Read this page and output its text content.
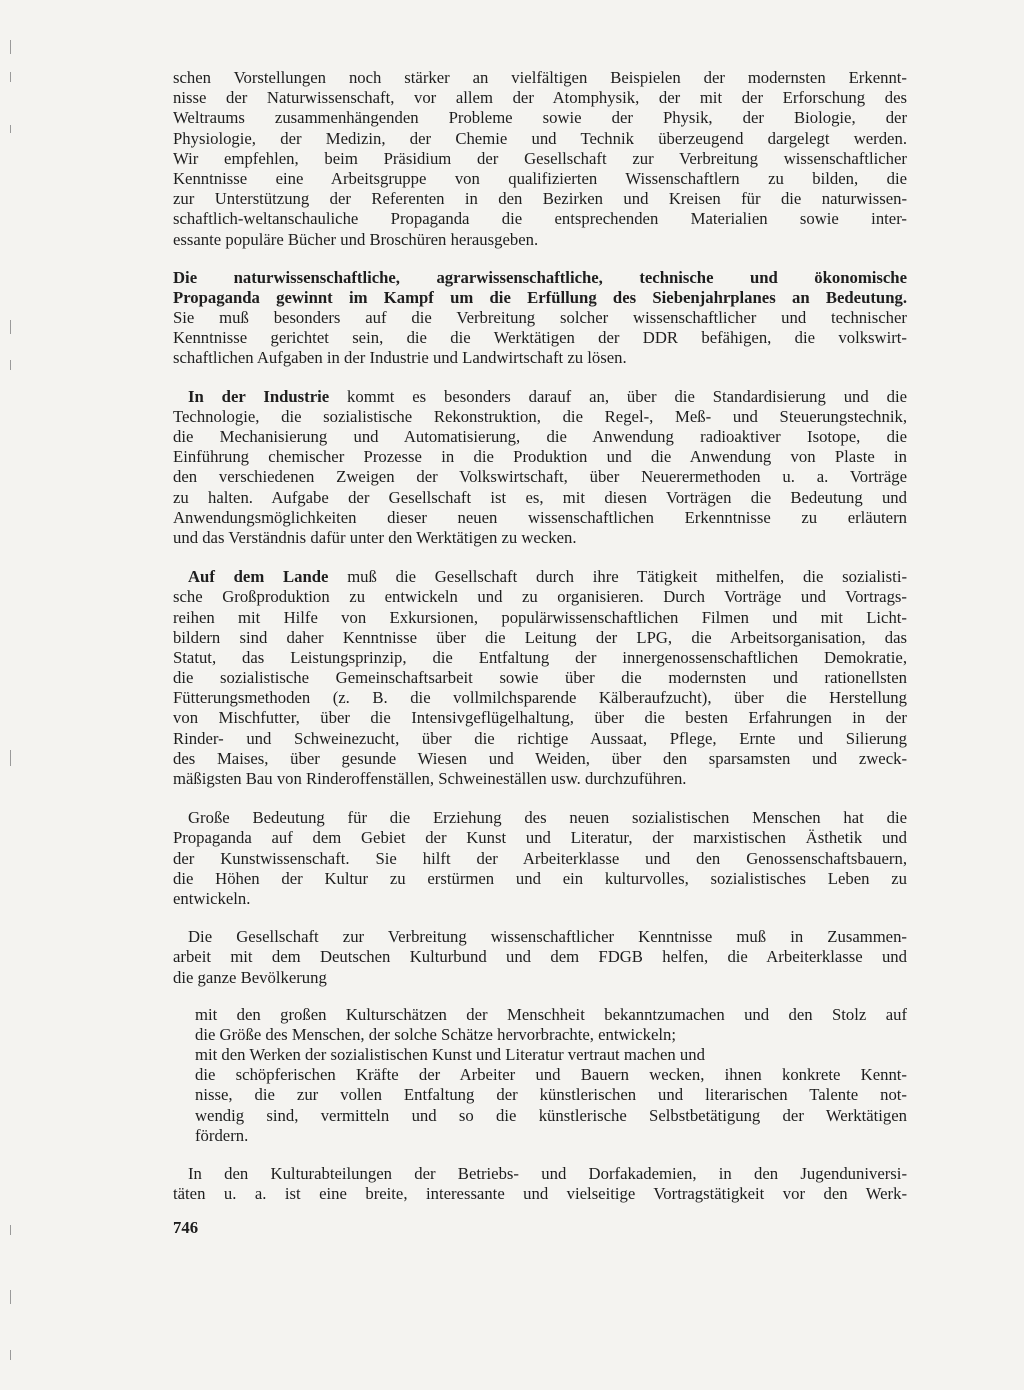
schen Vorstellungen noch stärker an vielfältigen Beispielen der modernsten Erkennt-
nisse der Naturwissenschaft, vor allem der Atomphysik, der mit der Erforschung des
Weltraums zusammenhängenden Probleme sowie der Physik, der Biologie, der
Physiologie, der Medizin, der Chemie und Technik überzeugend dargelegt werden.
Wir empfehlen, beim Präsidium der Gesellschaft zur Verbreitung wissenschaftlicher
Kenntnisse eine Arbeitsgruppe von qualifizierten Wissenschaftlern zu bilden, die
zur Unterstützung der Referenten in den Bezirken und Kreisen für die naturwissen-
schaftlich-weltanschauliche Propaganda die entsprechenden Materialien sowie inter-
essante populäre Bücher und Broschüren herausgeben.
Die naturwissenschaftliche, agrarwissenschaftliche, technische und ökonomische
Propaganda gewinnt im Kampf um die Erfüllung des Siebenjahrplanes an Bedeutung.
Sie muß besonders auf die Verbreitung solcher wissenschaftlicher und technischer
Kenntnisse gerichtet sein, die die Werktätigen der DDR befähigen, die volkswirt-
schaftlichen Aufgaben in der Industrie und Landwirtschaft zu lösen.
In der Industrie kommt es besonders darauf an, über die Standardisierung und die
Technologie, die sozialistische Rekonstruktion, die Regel-, Meß- und Steuerungstechnik,
die Mechanisierung und Automatisierung, die Anwendung radioaktiver Isotope, die
Einführung chemischer Prozesse in die Produktion und die Anwendung von Plaste in
den verschiedenen Zweigen der Volkswirtschaft, über Neuerermethoden u. a. Vorträge
zu halten. Aufgabe der Gesellschaft ist es, mit diesen Vorträgen die Bedeutung und
Anwendungsmöglichkeiten dieser neuen wissenschaftlichen Erkenntnisse zu erläutern
und das Verständnis dafür unter den Werktätigen zu wecken.
Auf dem Lande muß die Gesellschaft durch ihre Tätigkeit mithelfen, die sozialisti-
sche Großproduktion zu entwickeln und zu organisieren. Durch Vorträge und Vortrags-
reihen mit Hilfe von Exkursionen, populärwissenschaftlichen Filmen und mit Licht-
bildern sind daher Kenntnisse über die Leitung der LPG, die Arbeitsorganisation, das
Statut, das Leistungsprinzip, die Entfaltung der innergenossenschaftlichen Demokratie,
die sozialistische Gemeinschaftsarbeit sowie über die modernsten und rationellsten
Fütterungsmethoden (z. B. die vollmilchsparende Kälberaufzucht), über die Herstellung
von Mischfutter, über die Intensivgeflügelhaltung, über die besten Erfahrungen in der
Rinder- und Schweinezucht, über die richtige Aussaat, Pflege, Ernte und Silierung
des Maises, über gesunde Wiesen und Weiden, über den sparsamsten und zweck-
mäßigsten Bau von Rinderoffenställen, Schweineställen usw. durchzuführen.
Große Bedeutung für die Erziehung des neuen sozialistischen Menschen hat die
Propaganda auf dem Gebiet der Kunst und Literatur, der marxistischen Ästhetik und
der Kunstwissenschaft. Sie hilft der Arbeiterklasse und den Genossenschaftsbauern,
die Höhen der Kultur zu erstürmen und ein kulturvolles, sozialistisches Leben zu
entwickeln.
Die Gesellschaft zur Verbreitung wissenschaftlicher Kenntnisse muß in Zusammen-
arbeit mit dem Deutschen Kulturbund und dem FDGB helfen, die Arbeiterklasse und
die ganze Bevölkerung
mit den großen Kulturschätzen der Menschheit bekanntzumachen und den Stolz auf
die Größe des Menschen, der solche Schätze hervorbrachte, entwickeln;
mit den Werken der sozialistischen Kunst und Literatur vertraut machen und
die schöpferischen Kräfte der Arbeiter und Bauern wecken, ihnen konkrete Kennt-
nisse, die zur vollen Entfaltung der künstlerischen und literarischen Talente not-
wendig sind, vermitteln und so die künstlerische Selbstbetätigung der Werktätigen
fördern.
In den Kulturabteilungen der Betriebs- und Dorfakademien, in den Jugenduniversi-
täten u. a. ist eine breite, interessante und vielseitige Vortragstätigkeit vor den Werk-
746
